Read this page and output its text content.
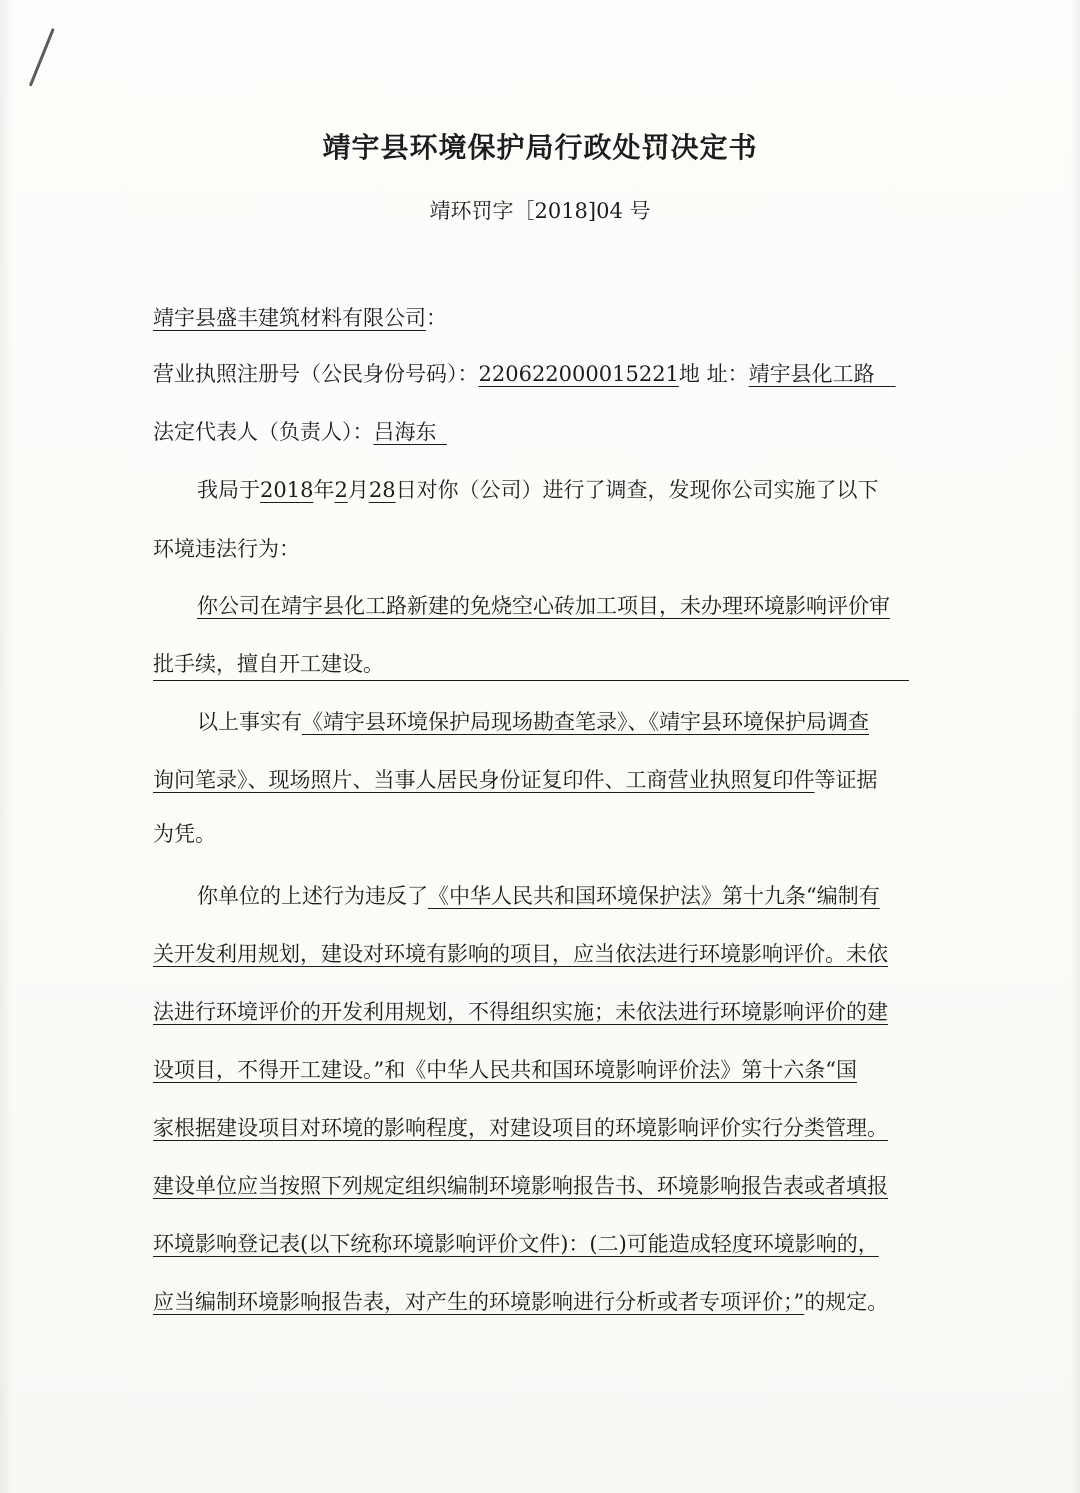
靖宇县环境保护局行政处罚决定书
靖环罚字［2018]04 号
靖宇县盛丰建筑材料有限公司：
营业执照注册号（公民身份号码）：220622000015221地 址：靖宇县化工路 
法定代表人（负责人）：吕海东 
我局于2018年2月28日对你（公司）进行了调查，发现你公司实施了以下
环境违法行为：
你公司在靖宇县化工路新建的免烧空心砖加工项目，未办理环境影响评价审
批手续，擅自开工建设。
以上事实有《靖宇县环境保护局现场勘查笔录》、《靖宇县环境保护局调查
询问笔录》、现场照片、当事人居民身份证复印件、工商营业执照复印件等证据
为凭。
你单位的上述行为违反了《中华人民共和国环境保护法》第十九条“编制有
关开发利用规划，建设对环境有影响的项目，应当依法进行环境影响评价。未依
法进行环境评价的开发利用规划，不得组织实施；未依法进行环境影响评价的建
设项目，不得开工建设。”和《中华人民共和国环境影响评价法》第十六条“国
家根据建设项目对环境的影响程度，对建设项目的环境影响评价实行分类管理。
建设单位应当按照下列规定组织编制环境影响报告书、环境影响报告表或者填报
环境影响登记表(以下统称环境影响评价文件)：(二)可能造成轻度环境影响的，
应当编制环境影响报告表，对产生的环境影响进行分析或者专项评价；”的规定。
